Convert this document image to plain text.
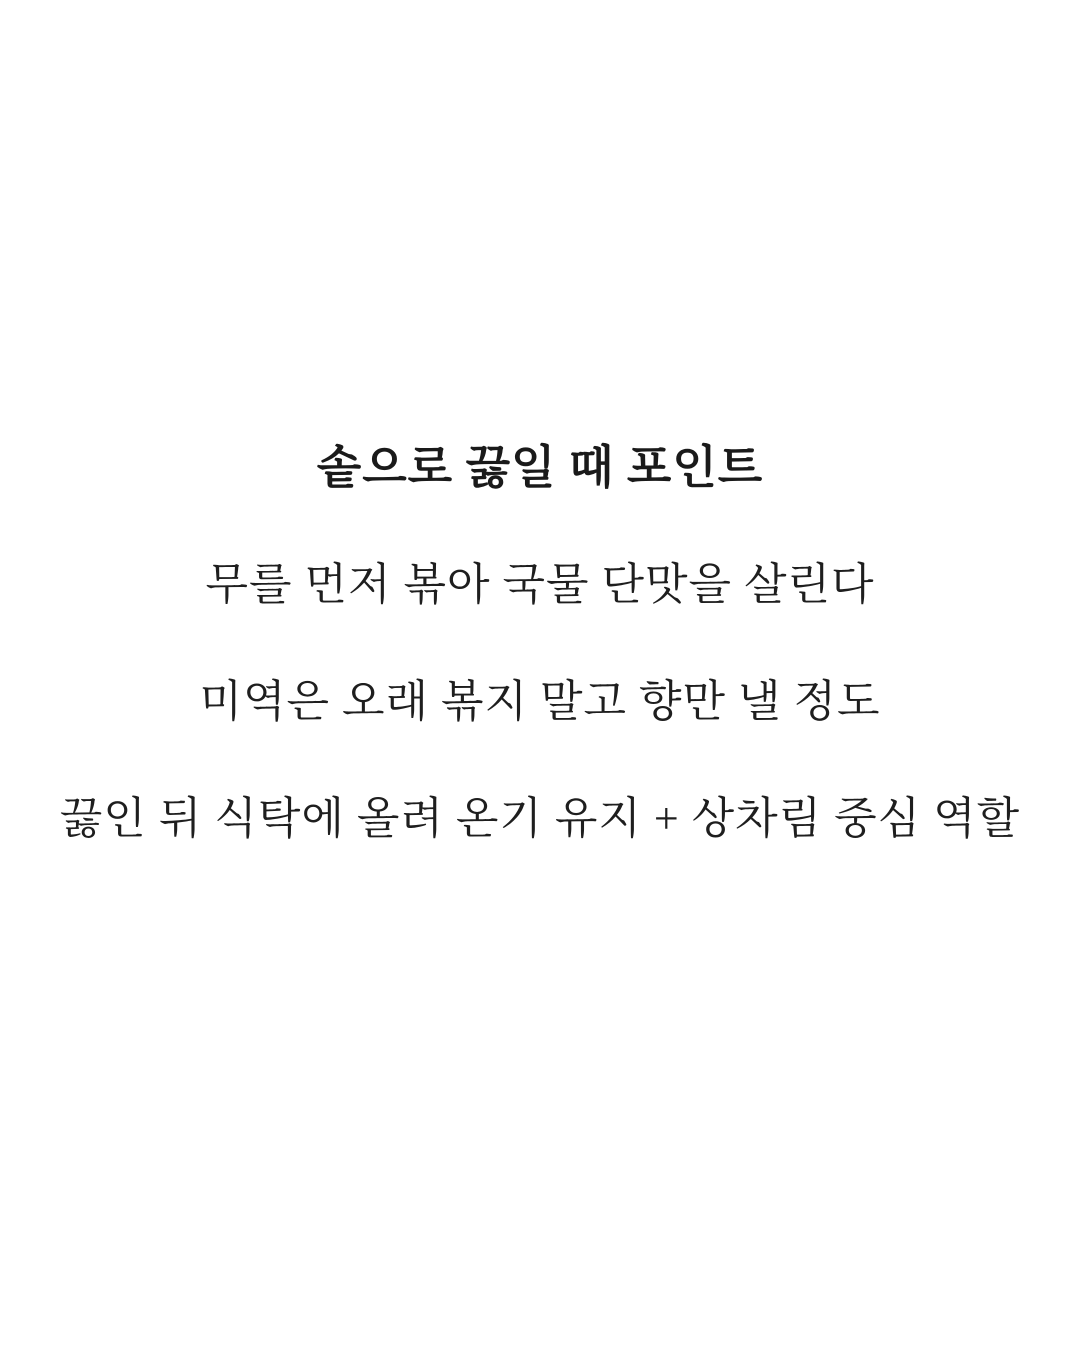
솥으로 끓일 때 포인트

무를 먼저 볶아 국물 단맛을 살린다

미역은 오래 볶지 말고 향만 낼 정도

끓인 뒤 식탁에 올려 온기 유지 + 상차림 중심 역할
